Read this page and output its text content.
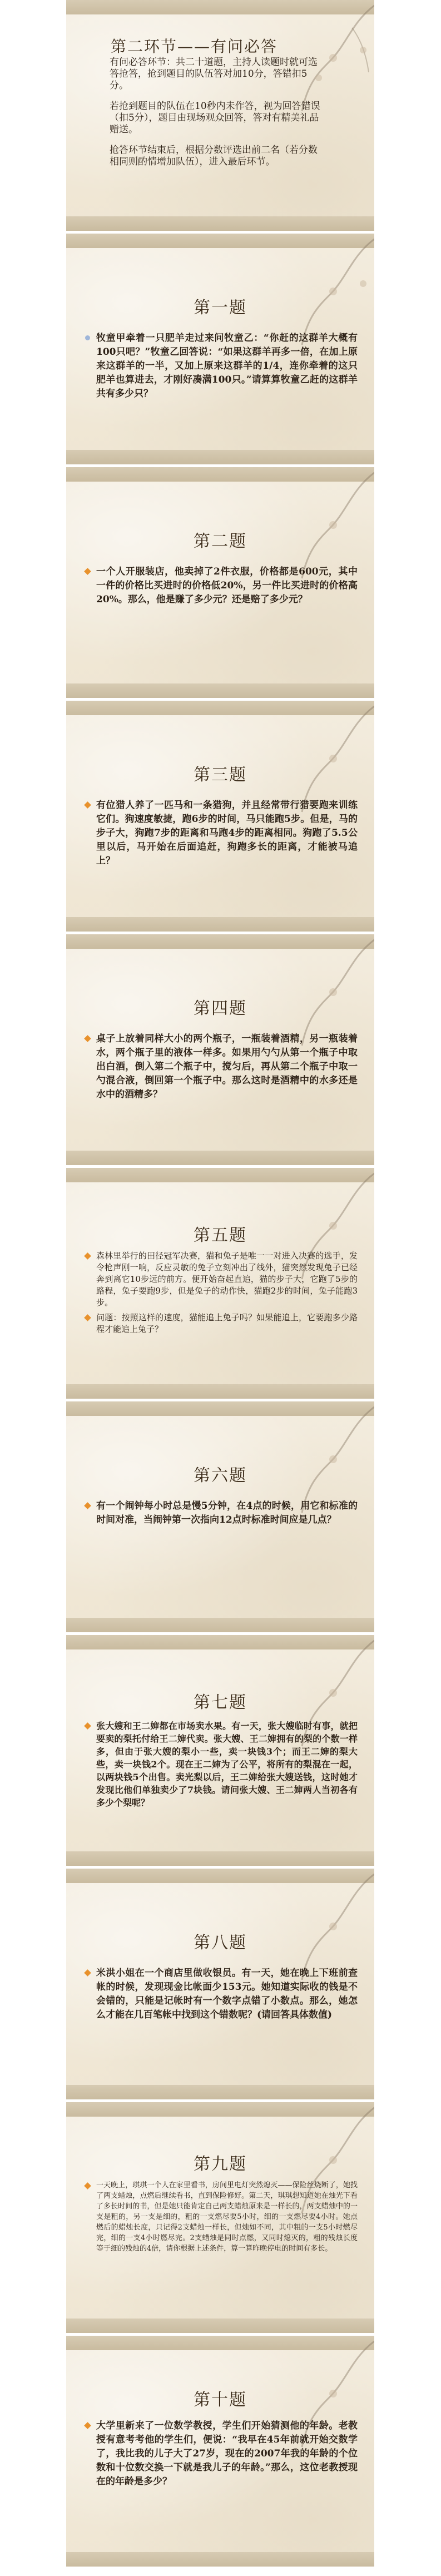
第二环节——有问必答

有问必答环节：共二十道题，主持人读题时就可选答抢答，抢到题目的队伍答对加10分，答错扣5分。

若抢到题目的队伍在10秒内未作答，视为回答错误（扣5分），题目由现场观众回答，答对有精美礼品赠送。

抢答环节结束后，根据分数评选出前二名（若分数相同则酌情增加队伍），进入最后环节。

第一题

牧童甲牵着一只肥羊走过来问牧童乙：“你赶的这群羊大概有100只吧？”牧童乙回答说：“如果这群羊再多一倍，在加上原来这群羊的一半，又加上原来这群羊的1/4，连你牵着的这只肥羊也算进去，才刚好凑满100只。”请算算牧童乙赶的这群羊共有多少只？

第二题

一个人开服装店，他卖掉了2件衣服，价格都是600元，其中一件的价格比买进时的价格低20%，另一件比买进时的价格高20%。那么，他是赚了多少元？还是赔了多少元？

第三题

有位猎人养了一匹马和一条猎狗，并且经常带行猎要跑来训练它们。狗速度敏捷，跑6步的时间，马只能跑5步。但是，马的步子大，狗跑7步的距离和马跑4步的距离相同。狗跑了5.5公里以后，马开始在后面追赶，狗跑多长的距离，才能被马追上？

第四题

桌子上放着同样大小的两个瓶子，一瓶装着酒精，另一瓶装着水，两个瓶子里的液体一样多。如果用勺勺从第一个瓶子中取出白酒，倒入第二个瓶子中，搅匀后，再从第二个瓶子中取一勺混合液，倒回第一个瓶子中。那么这时是酒精中的水多还是水中的酒精多？

第五题

森林里举行的田径冠军决赛，猫和兔子是唯一一对进入决赛的选手，发令枪声刚一响，反应灵敏的兔子立刻冲出了线外，猫突然发现兔子已经奔到离它10步远的前方。便开始奋起直追，猫的步子大，它跑了5步的路程，兔子要跑9步，但是兔子的动作快，猫跑2步的时间，兔子能跑3步。

问题：按照这样的速度，猫能追上兔子吗？如果能追上，它要跑多少路程才能追上兔子？

第六题

有一个闹钟每小时总是慢5分钟，在4点的时候，用它和标准的时间对准，当闹钟第一次指向12点时标准时间应是几点？

第七题

张大嫂和王二婶都在市场卖水果。有一天，张大嫂临时有事，就把要卖的梨托付给王二婶代卖。张大嫂、王二婶拥有的梨的个数一样多，但由于张大嫂的梨小一些，卖一块钱3个；而王二婶的梨大些，卖一块钱2个。现在王二婶为了公平，将所有的梨混在一起，以两块钱5个出售。卖光梨以后，王二婶给张大嫂送钱，这时她才发现比他们单独卖少了7块钱。请问张大嫂、王二婶两人当初各有多少个梨呢？

第八题

米洪小姐在一个商店里做收银员。有一天，她在晚上下班前查帐的时候，发现现金比帐面少153元。她知道实际收的钱是不会错的，只能是记帐时有一个数字点错了小数点。那么，她怎么才能在几百笔帐中找到这个错数呢？(请回答具体数值)

第九题

一天晚上，琪琪一个人在家里看书，房间里电灯突然熄灭——保险丝烧断了，她找了两支蜡烛，点燃后继续看书，直到保险修好。第二天，琪琪想知道她在烛光下看了多长时间的书，但是她只能肯定自己两支蜡烛原来是一样长的，两支蜡烛中的一支是粗的，另一支是细的，粗的一支燃尽要5小时，细的一支燃尽要4小时。她点燃后的蜡烛长度，只记得2支蜡烛一样长，但烛如不同，其中粗的一支5小时燃尽完，细的一支4小时燃尽完。2支蜡烛是同时点燃，又同时熄灭的，粗的残烛长度等于细的残烛的4倍，请你根据上述条件，算一算昨晚停电的时间有多长。

第十题

大学里新来了一位数学教授，学生们开始猜测他的年龄。老教授有意考考他的学生们，便说：“我早在45年前就开始交数学了，我比我的儿子大了27岁，现在的2007年我的年龄的个位数和十位数交换一下就是我儿子的年龄。”那么，这位老教授现在的年龄是多少？
